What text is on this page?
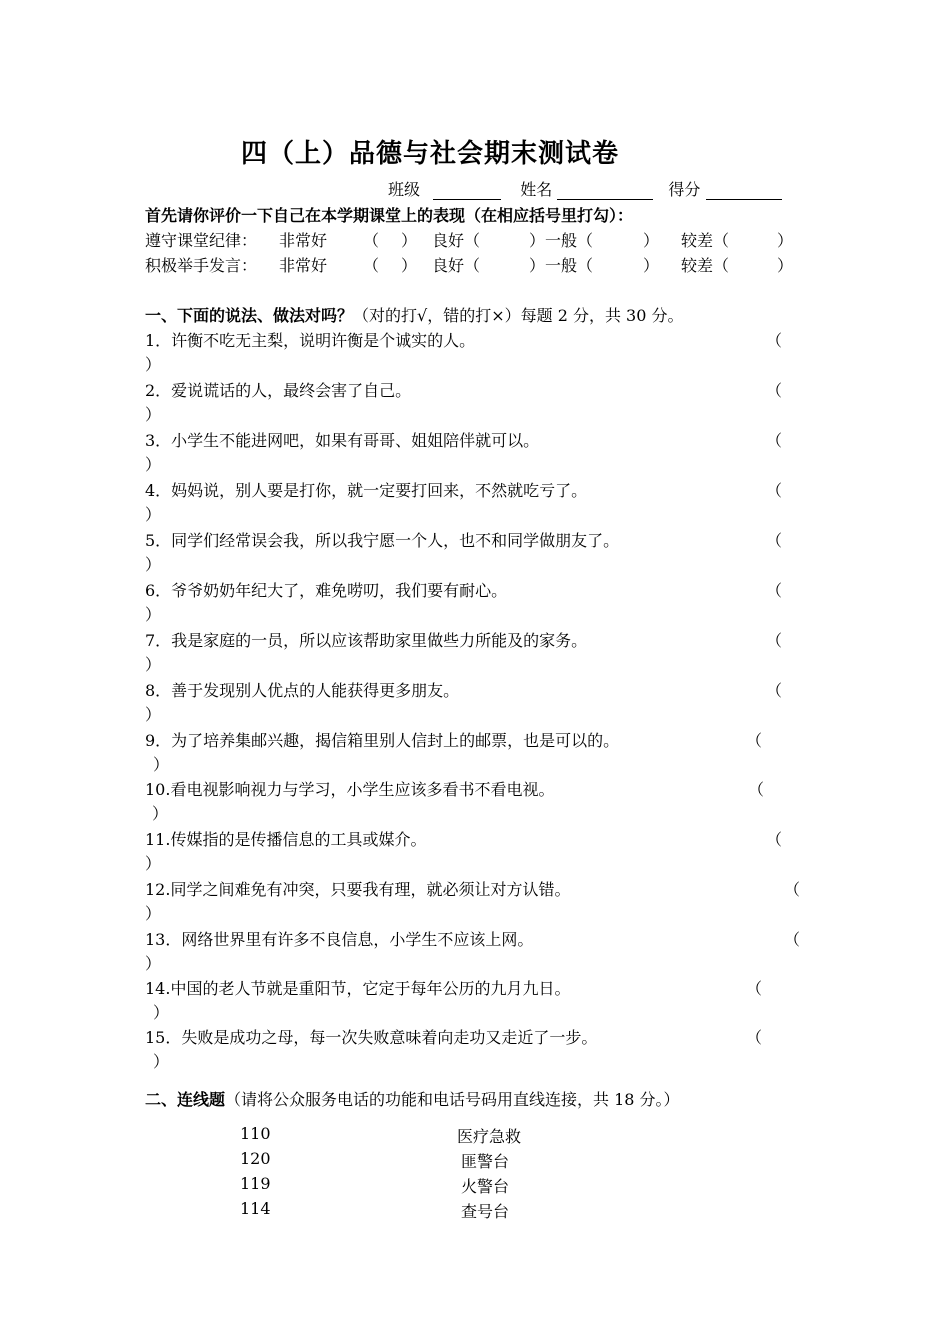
四（上）品德与社会期末测试卷
班级	姓名	得分
首先请你评价一下自己在本学期课堂上的表现（在相应括号里打勾）：
遵守课堂纪律： 非常好 （ ） 良好（	） 一般（	） 较差（	）
积极举手发言： 非常好 （ ） 良好（	） 一般（	） 较差（	）
一、下面的说法、做法对吗？（对的打√，错的打×）每题 2 分，共 30 分。
1．许衡不吃无主梨，说明许衡是个诚实的人。	（
）
2．爱说谎话的人，最终会害了自己。	（
）
3．小学生不能进网吧，如果有哥哥、姐姐陪伴就可以。	（
）
4．妈妈说，别人要是打你，就一定要打回来，不然就吃亏了。	（
）
5．同学们经常误会我，所以我宁愿一个人，也不和同学做朋友了。	（
）
6．爷爷奶奶年纪大了，难免唠叨，我们要有耐心。	（
）
7．我是家庭的一员，所以应该帮助家里做些力所能及的家务。	（
）
8．善于发现别人优点的人能获得更多朋友。	（
）
9．为了培养集邮兴趣，揭信箱里别人信封上的邮票，也是可以的。	（
）
10.看电视影响视力与学习，小学生应该多看书不看电视。	（
）
11.传媒指的是传播信息的工具或媒介。	（
）
12.同学之间难免有冲突，只要我有理，就必须让对方认错。	（
）
13．网络世界里有许多不良信息，小学生不应该上网。	（
）
14.中国的老人节就是重阳节，它定于每年公历的九月九日。	（
）
15．失败是成功之母，每一次失败意味着向走功又走近了一步。	（
）
二、连线题（请将公众服务电话的功能和电话号码用直线连接，共 18 分。）
110	医疗急救
120	匪警台
119	火警台
114	查号台
